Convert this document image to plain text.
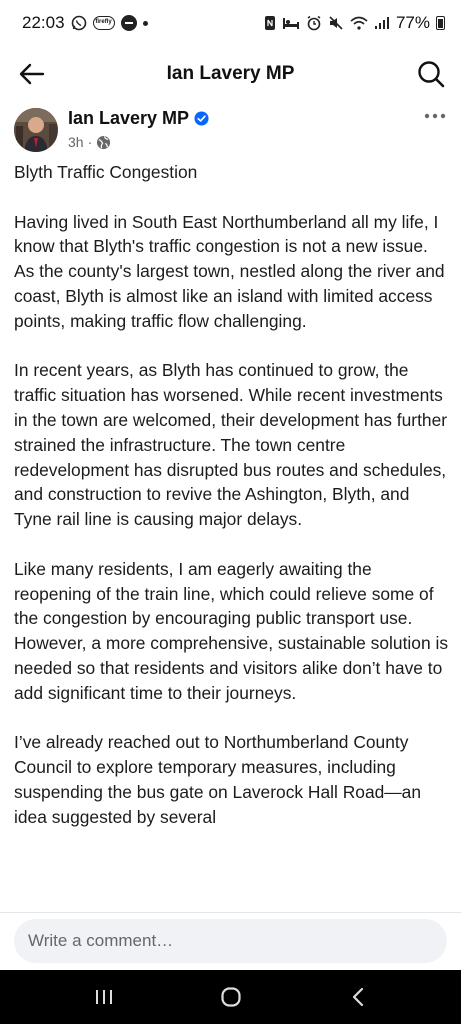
22:03	firefly	77%
Ian Lavery MP
Ian Lavery MP
3h ·

Blyth Traffic Congestion

Having lived in South East Northumberland all my life, I know that Blyth's traffic congestion is not a new issue. As the county's largest town, nestled along the river and coast, Blyth is almost like an island with limited access points, making traffic flow challenging.

In recent years, as Blyth has continued to grow, the traffic situation has worsened. While recent investments in the town are welcomed, their development has further strained the infrastructure. The town centre redevelopment has disrupted bus routes and schedules, and construction to revive the Ashington, Blyth, and Tyne rail line is causing major delays.

Like many residents, I am eagerly awaiting the reopening of the train line, which could relieve some of the congestion by encouraging public transport use. However, a more comprehensive, sustainable solution is needed so that residents and visitors alike don’t have to add significant time to their journeys.

I’ve already reached out to Northumberland County Council to explore temporary measures, including suspending the bus gate on Laverock Hall Road—an idea suggested by several

Write a comment…
